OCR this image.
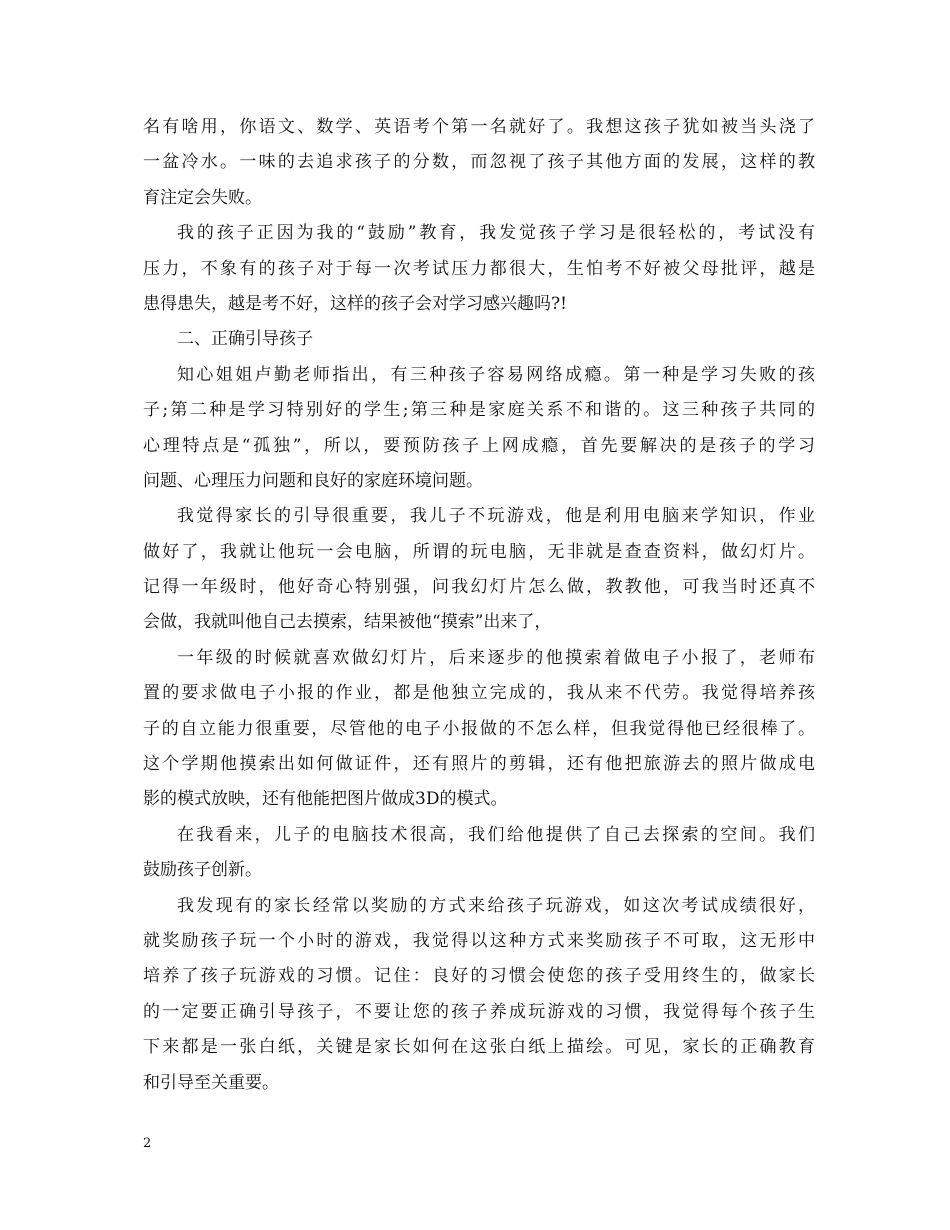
名有啥用，你语文、数学、英语考个第一名就好了。我想这孩子犹如被当头浇了
一盆冷水。一味的去追求孩子的分数，而忽视了孩子其他方面的发展，这样的教
育注定会失败。
我的孩子正因为我的“鼓励”教育，我发觉孩子学习是很轻松的，考试没有
压力，不象有的孩子对于每一次考试压力都很大，生怕考不好被父母批评，越是
患得患失，越是考不好，这样的孩子会对学习感兴趣吗?!
二、正确引导孩子
知心姐姐卢勤老师指出，有三种孩子容易网络成瘾。第一种是学习失败的孩
子;第二种是学习特别好的学生;第三种是家庭关系不和谐的。这三种孩子共同的
心理特点是“孤独”，所以，要预防孩子上网成瘾，首先要解决的是孩子的学习
问题、心理压力问题和良好的家庭环境问题。
我觉得家长的引导很重要，我儿子不玩游戏，他是利用电脑来学知识，作业
做好了，我就让他玩一会电脑，所谓的玩电脑，无非就是查查资料，做幻灯片。
记得一年级时，他好奇心特别强，问我幻灯片怎么做，教教他，可我当时还真不
会做，我就叫他自己去摸索，结果被他“摸索”出来了，
一年级的时候就喜欢做幻灯片，后来逐步的他摸索着做电子小报了，老师布
置的要求做电子小报的作业，都是他独立完成的，我从来不代劳。我觉得培养孩
子的自立能力很重要，尽管他的电子小报做的不怎么样，但我觉得他已经很棒了。
这个学期他摸索出如何做证件，还有照片的剪辑，还有他把旅游去的照片做成电
影的模式放映，还有他能把图片做成3D的模式。
在我看来，儿子的电脑技术很高，我们给他提供了自己去探索的空间。我们
鼓励孩子创新。
我发现有的家长经常以奖励的方式来给孩子玩游戏，如这次考试成绩很好，
就奖励孩子玩一个小时的游戏，我觉得以这种方式来奖励孩子不可取，这无形中
培养了孩子玩游戏的习惯。记住：良好的习惯会使您的孩子受用终生的，做家长
的一定要正确引导孩子，不要让您的孩子养成玩游戏的习惯，我觉得每个孩子生
下来都是一张白纸，关键是家长如何在这张白纸上描绘。可见，家长的正确教育
和引导至关重要。
2
